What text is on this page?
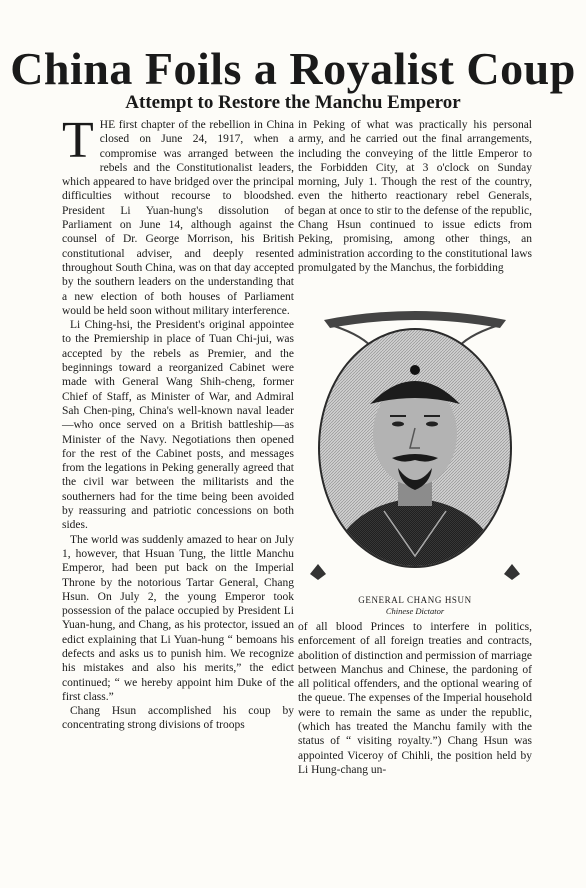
China Foils a Royalist Coup
Attempt to Restore the Manchu Emperor

THE first chapter of the rebellion in China closed on June 24, 1917, when a compromise was arranged between the rebels and the Constitutionalist leaders, which appeared to have bridged over the principal difficulties without recourse to bloodshed. President Li Yuan-hung's dissolution of Parliament on June 14, although against the counsel of Dr. George Morrison, his British constitutional adviser, and deeply resented throughout South China, was on that day accepted by the southern leaders on the understanding that a new election of both houses of Parliament would be held soon without military interference.

Li Ching-hsi, the President's original appointee to the Premiership in place of Tuan Chi-jui, was accepted by the rebels as Premier, and the beginnings toward a reorganized Cabinet were made with General Wang Shih-cheng, former Chief of Staff, as Minister of War, and Admiral Sah Chen-ping, China's well-known naval leader—who once served on a British battleship—as Minister of the Navy. Negotiations then opened for the rest of the Cabinet posts, and messages from the legations in Peking generally agreed that the civil war between the militarists and the southerners had for the time being been avoided by reassuring and patriotic concessions on both sides.

The world was suddenly amazed to hear on July 1, however, that Hsuan Tung, the little Manchu Emperor, had been put back on the Imperial Throne by the notorious Tartar General, Chang Hsun. On July 2, the young Emperor took possession of the palace occupied by President Li Yuan-hung, and Chang, as his protector, issued an edict explaining that Li Yuan-hung “ bemoans his defects and asks us to punish him. We recognize his mistakes and also his merits,” the edict continued; “ we hereby appoint him Duke of the first class.”

Chang Hsun accomplished his coup by concentrating strong divisions of troops

in Peking of what was practically his personal army, and he carried out the final arrangements, including the conveying of the little Emperor to the Forbidden City, at 3 o'clock on Sunday morning, July 1. Though the rest of the country, even the hitherto reactionary rebel Generals, began at once to stir to the defense of the republic, Chang Hsun continued to issue edicts from Peking, promising, among other things, an administration according to the constitutional laws promulgated by the Manchus, the forbidding

GENERAL CHANG HSUN
Chinese Dictator

of all blood Princes to interfere in politics, enforcement of all foreign treaties and contracts, abolition of distinction and permission of marriage between Manchus and Chinese, the pardoning of all political offenders, and the optional wearing of the queue. The expenses of the Imperial household were to remain the same as under the republic, (which has treated the Manchu family with the status of “ visiting royalty.”) Chang Hsun was appointed Viceroy of Chihli, the position held by Li Hung-chang un-
